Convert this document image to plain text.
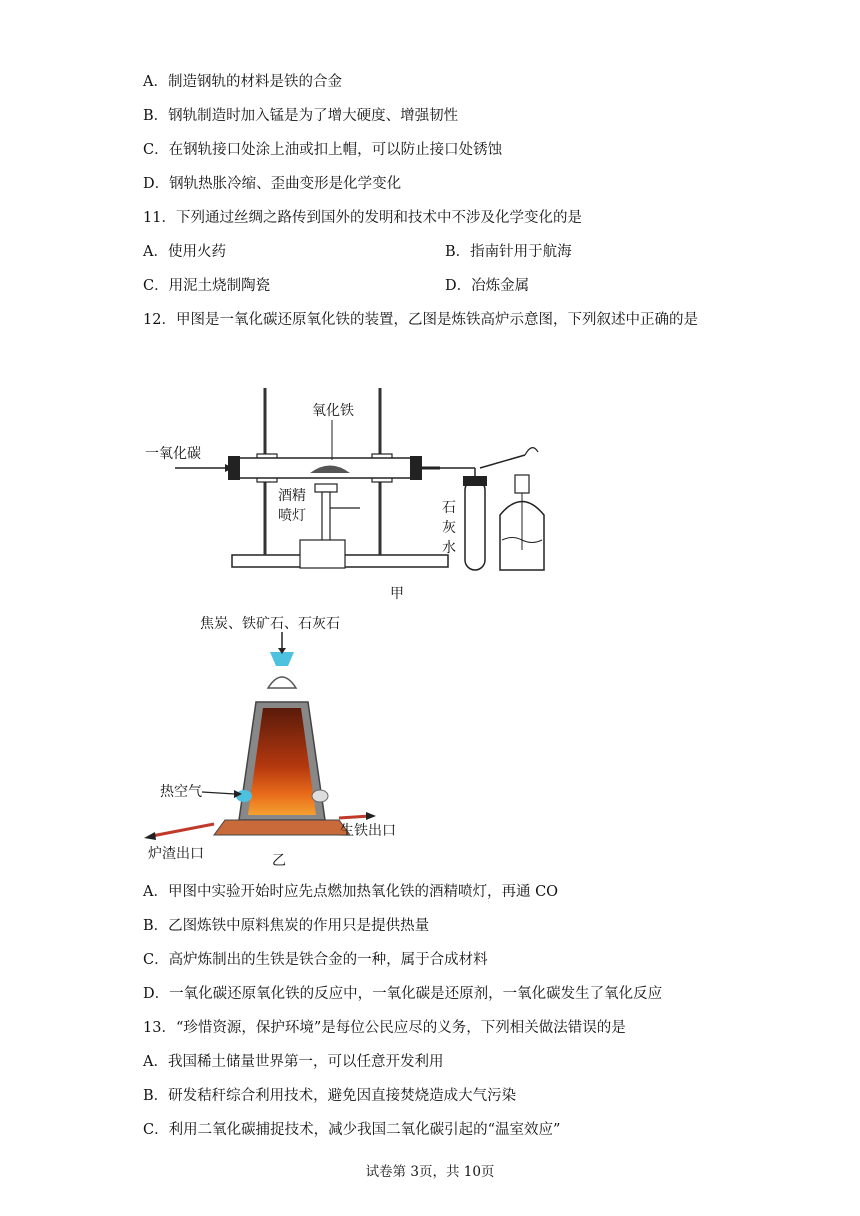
A．制造钢轨的材料是铁的合金
B．钢轨制造时加入锰是为了增大硬度、增强韧性
C．在钢轨接口处涂上油或扣上帽，可以防止接口处锈蚀
D．钢轨热胀冷缩、歪曲变形是化学变化
11．下列通过丝绸之路传到国外的发明和技术中不涉及化学变化的是
A．使用火药	B．指南针用于航海
C．用泥土烧制陶瓷	D．冶炼金属
12．甲图是一氧化碳还原氧化铁的装置，乙图是炼铁高炉示意图，下列叙述中正确的是
一氧化碳
氧化铁
酒精
喷灯	石
灰
水
甲
焦炭、铁矿石、石灰石
热空气
炉渣出口
生铁出口
乙
A．甲图中实验开始时应先点燃加热氧化铁的酒精喷灯，再通 CO
B．乙图炼铁中原料焦炭的作用只是提供热量
C．高炉炼制出的生铁是铁合金的一种，属于合成材料
D．一氧化碳还原氧化铁的反应中，一氧化碳是还原剂，一氧化碳发生了氧化反应
13．“珍惜资源，保护环境”是每位公民应尽的义务，下列相关做法错误的是
A．我国稀土储量世界第一，可以任意开发利用
B．研发秸秆综合利用技术，避免因直接焚烧造成大气污染
C．利用二氧化碳捕捉技术，减少我国二氧化碳引起的“温室效应”
试卷第 3页，共 10页
